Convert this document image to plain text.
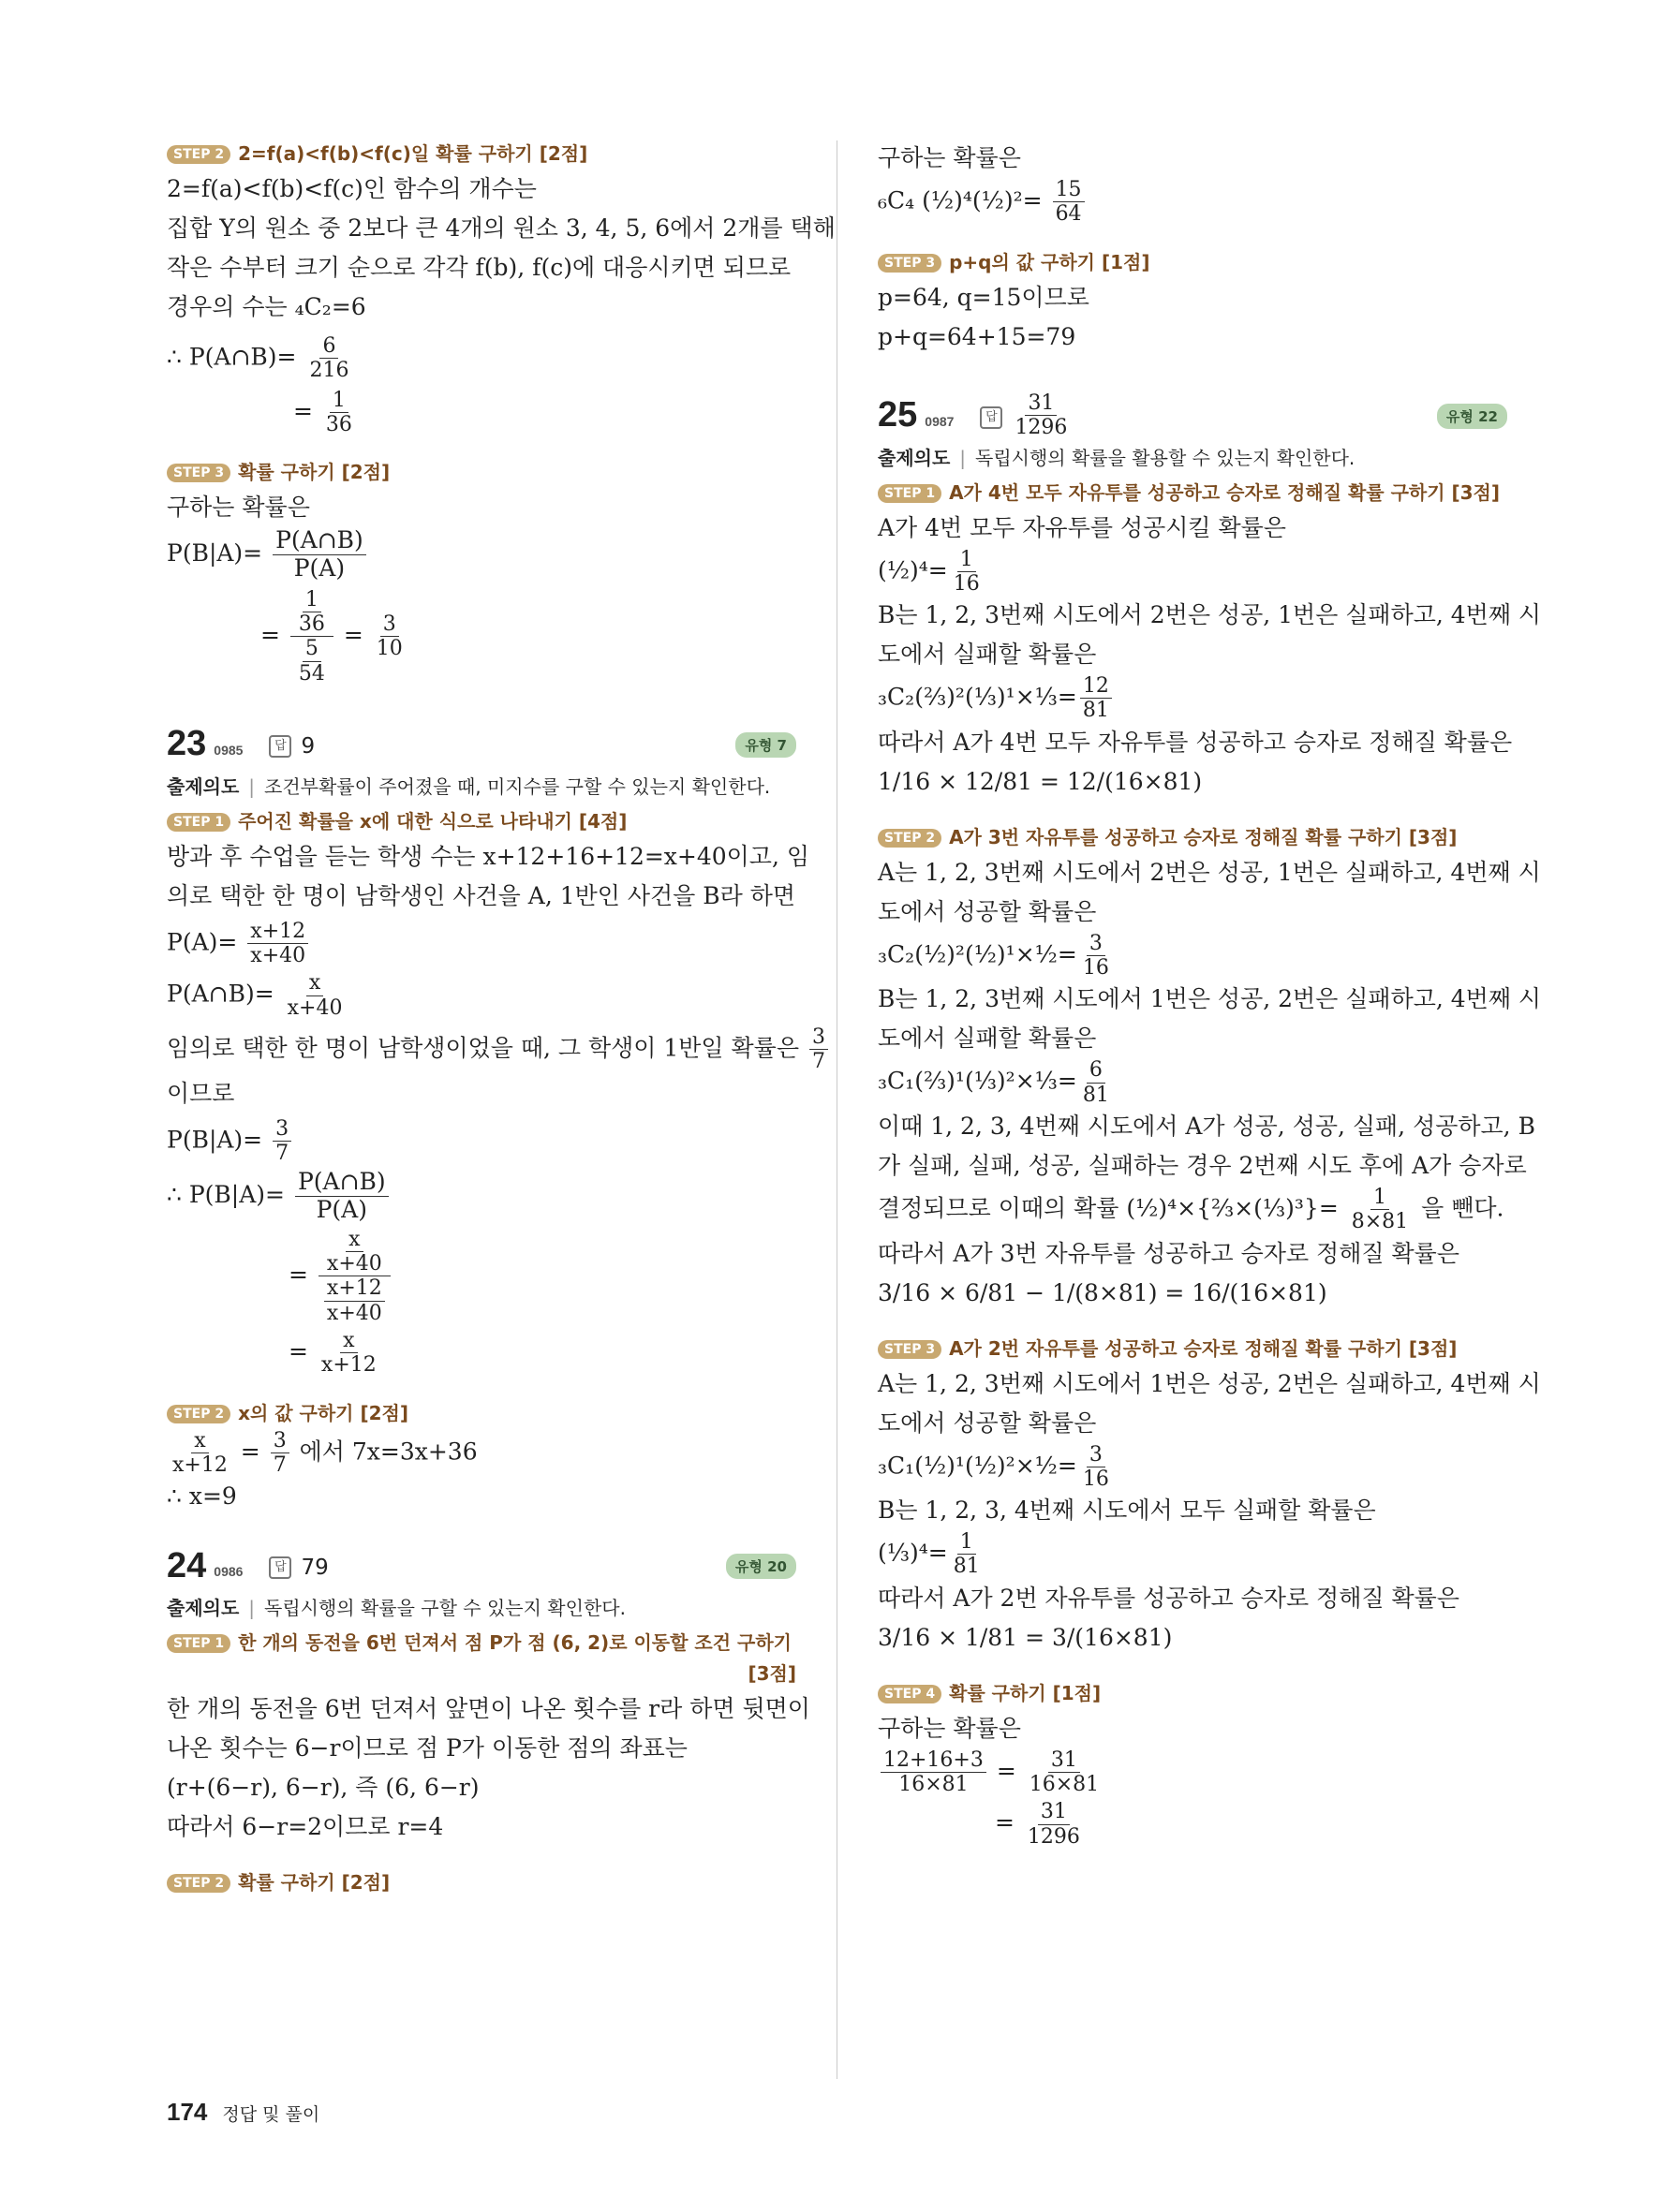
STEP 2 2=f(a)<f(b)<f(c)일 확률 구하기 [2점]
2=f(a)<f(b)<f(c)인 함수의 개수는
집합 Y의 원소 중 2보다 큰 4개의 원소 3, 4, 5, 6에서 2개를 택해
작은 수부터 크기 순으로 각각 f(b), f(c)에 대응시키면 되므로
경우의 수는 ₄C₂=6
∴ P(A∩B)= $\frac{6}{216}$
= $\frac{1}{36}$
STEP 3 확률 구하기 [2점]
구하는 확률은
$P(B|A)= \frac{P(A\cap B)}{P(A)}$
= $\frac{\frac{1}{36}}{\frac{5}{54}} = \frac{3}{10}$
23 0985	답 9	유형 7
출제의도 | 조건부확률이 주어졌을 때, 미지수를 구할 수 있는지 확인한다.
STEP 1 주어진 확률을 x에 대한 식으로 나타내기 [4점]
방과 후 수업을 듣는 학생 수는 x+12+16+12=x+40이고, 임
의로 택한 한 명이 남학생인 사건을 A, 1반인 사건을 B라 하면
$P(A)= \frac{x+12}{x+40}$
P(A∩B)= $\frac{x}{x+40}$
임의로 택한 한 명이 남학생이었을 때, 그 학생이 1반일 확률은 $\frac{3}{7}$
이므로
$P(B|A)= \frac{3}{7}$
∴ $P(B|A)= \frac{P(A\cap B)}{P(A)}$
= $\frac{\frac{x}{x+40}}{\frac{x+12}{x+40}}$
= $\frac{x}{x+12}$
STEP 2 x의 값 구하기 [2점]
$\frac{x}{x+12} = \frac{3}{7}$ 에서 7x=3x+36
∴ x=9
24 0986	답 79	유형 20
출제의도 | 독립시행의 확률을 구할 수 있는지 확인한다.
STEP 1 한 개의 동전을 6번 던져서 점 P가 점 (6, 2)로 이동할 조건 구하기
[3점]
한 개의 동전을 6번 던져서 앞면이 나온 횟수를 r라 하면 뒷면이
나온 횟수는 6−r이므로 점 P가 이동한 점의 좌표는
(r+(6−r), 6−r), 즉 (6, 6−r)
따라서 6−r=2이므로 r=4
STEP 2 확률 구하기 [2점]
구하는 확률은
₆C₄ (½)⁴(½)²= $\frac{15}{64}$
STEP 3 p+q의 값 구하기 [1점]
p=64, q=15이므로
p+q=64+15=79
25 0987	답 $\frac{31}{1296}$	유형 22
출제의도 | 독립시행의 확률을 활용할 수 있는지 확인한다.
STEP 1 A가 4번 모두 자유투를 성공하고 승자로 정해질 확률 구하기 [3점]
A가 4번 모두 자유투를 성공시킬 확률은
(½)⁴= $\frac{1}{16}$
B는 1, 2, 3번째 시도에서 2번은 성공, 1번은 실패하고, 4번째 시
도에서 실패할 확률은
₃C₂(⅔)²(⅓)¹×⅓= $\frac{12}{81}$
따라서 A가 4번 모두 자유투를 성공하고 승자로 정해질 확률은
1/16 × 12/81 = 12/(16×81)
STEP 2 A가 3번 자유투를 성공하고 승자로 정해질 확률 구하기 [3점]
A는 1, 2, 3번째 시도에서 2번은 성공, 1번은 실패하고, 4번째 시
도에서 성공할 확률은
₃C₂(½)²(½)¹×½= $\frac{3}{16}$
B는 1, 2, 3번째 시도에서 1번은 성공, 2번은 실패하고, 4번째 시
도에서 실패할 확률은
₃C₁(⅔)¹(⅓)²×⅓= $\frac{6}{81}$
이때 1, 2, 3, 4번째 시도에서 A가 성공, 성공, 실패, 성공하고, B
가 실패, 실패, 성공, 실패하는 경우 2번째 시도 후에 A가 승자로
결정되므로 이때의 확률 (½)⁴×{⅔×(⅓)³}= $\frac{1}{8\times 81}$ 을 뺀다.
따라서 A가 3번 자유투를 성공하고 승자로 정해질 확률은
3/16 × 6/81 − 1/(8×81) = 16/(16×81)
STEP 3 A가 2번 자유투를 성공하고 승자로 정해질 확률 구하기 [3점]
A는 1, 2, 3번째 시도에서 1번은 성공, 2번은 실패하고, 4번째 시
도에서 성공할 확률은
₃C₁(½)¹(½)²×½= $\frac{3}{16}$
B는 1, 2, 3, 4번째 시도에서 모두 실패할 확률은
(⅓)⁴= $\frac{1}{81}$
따라서 A가 2번 자유투를 성공하고 승자로 정해질 확률은
3/16 × 1/81 = 3/(16×81)
STEP 4 확률 구하기 [1점]
구하는 확률은
$\frac{12+16+3}{16\times 81} = \frac{31}{16\times 81}$
= $\frac{31}{1296}$
174 정답 및 풀이
